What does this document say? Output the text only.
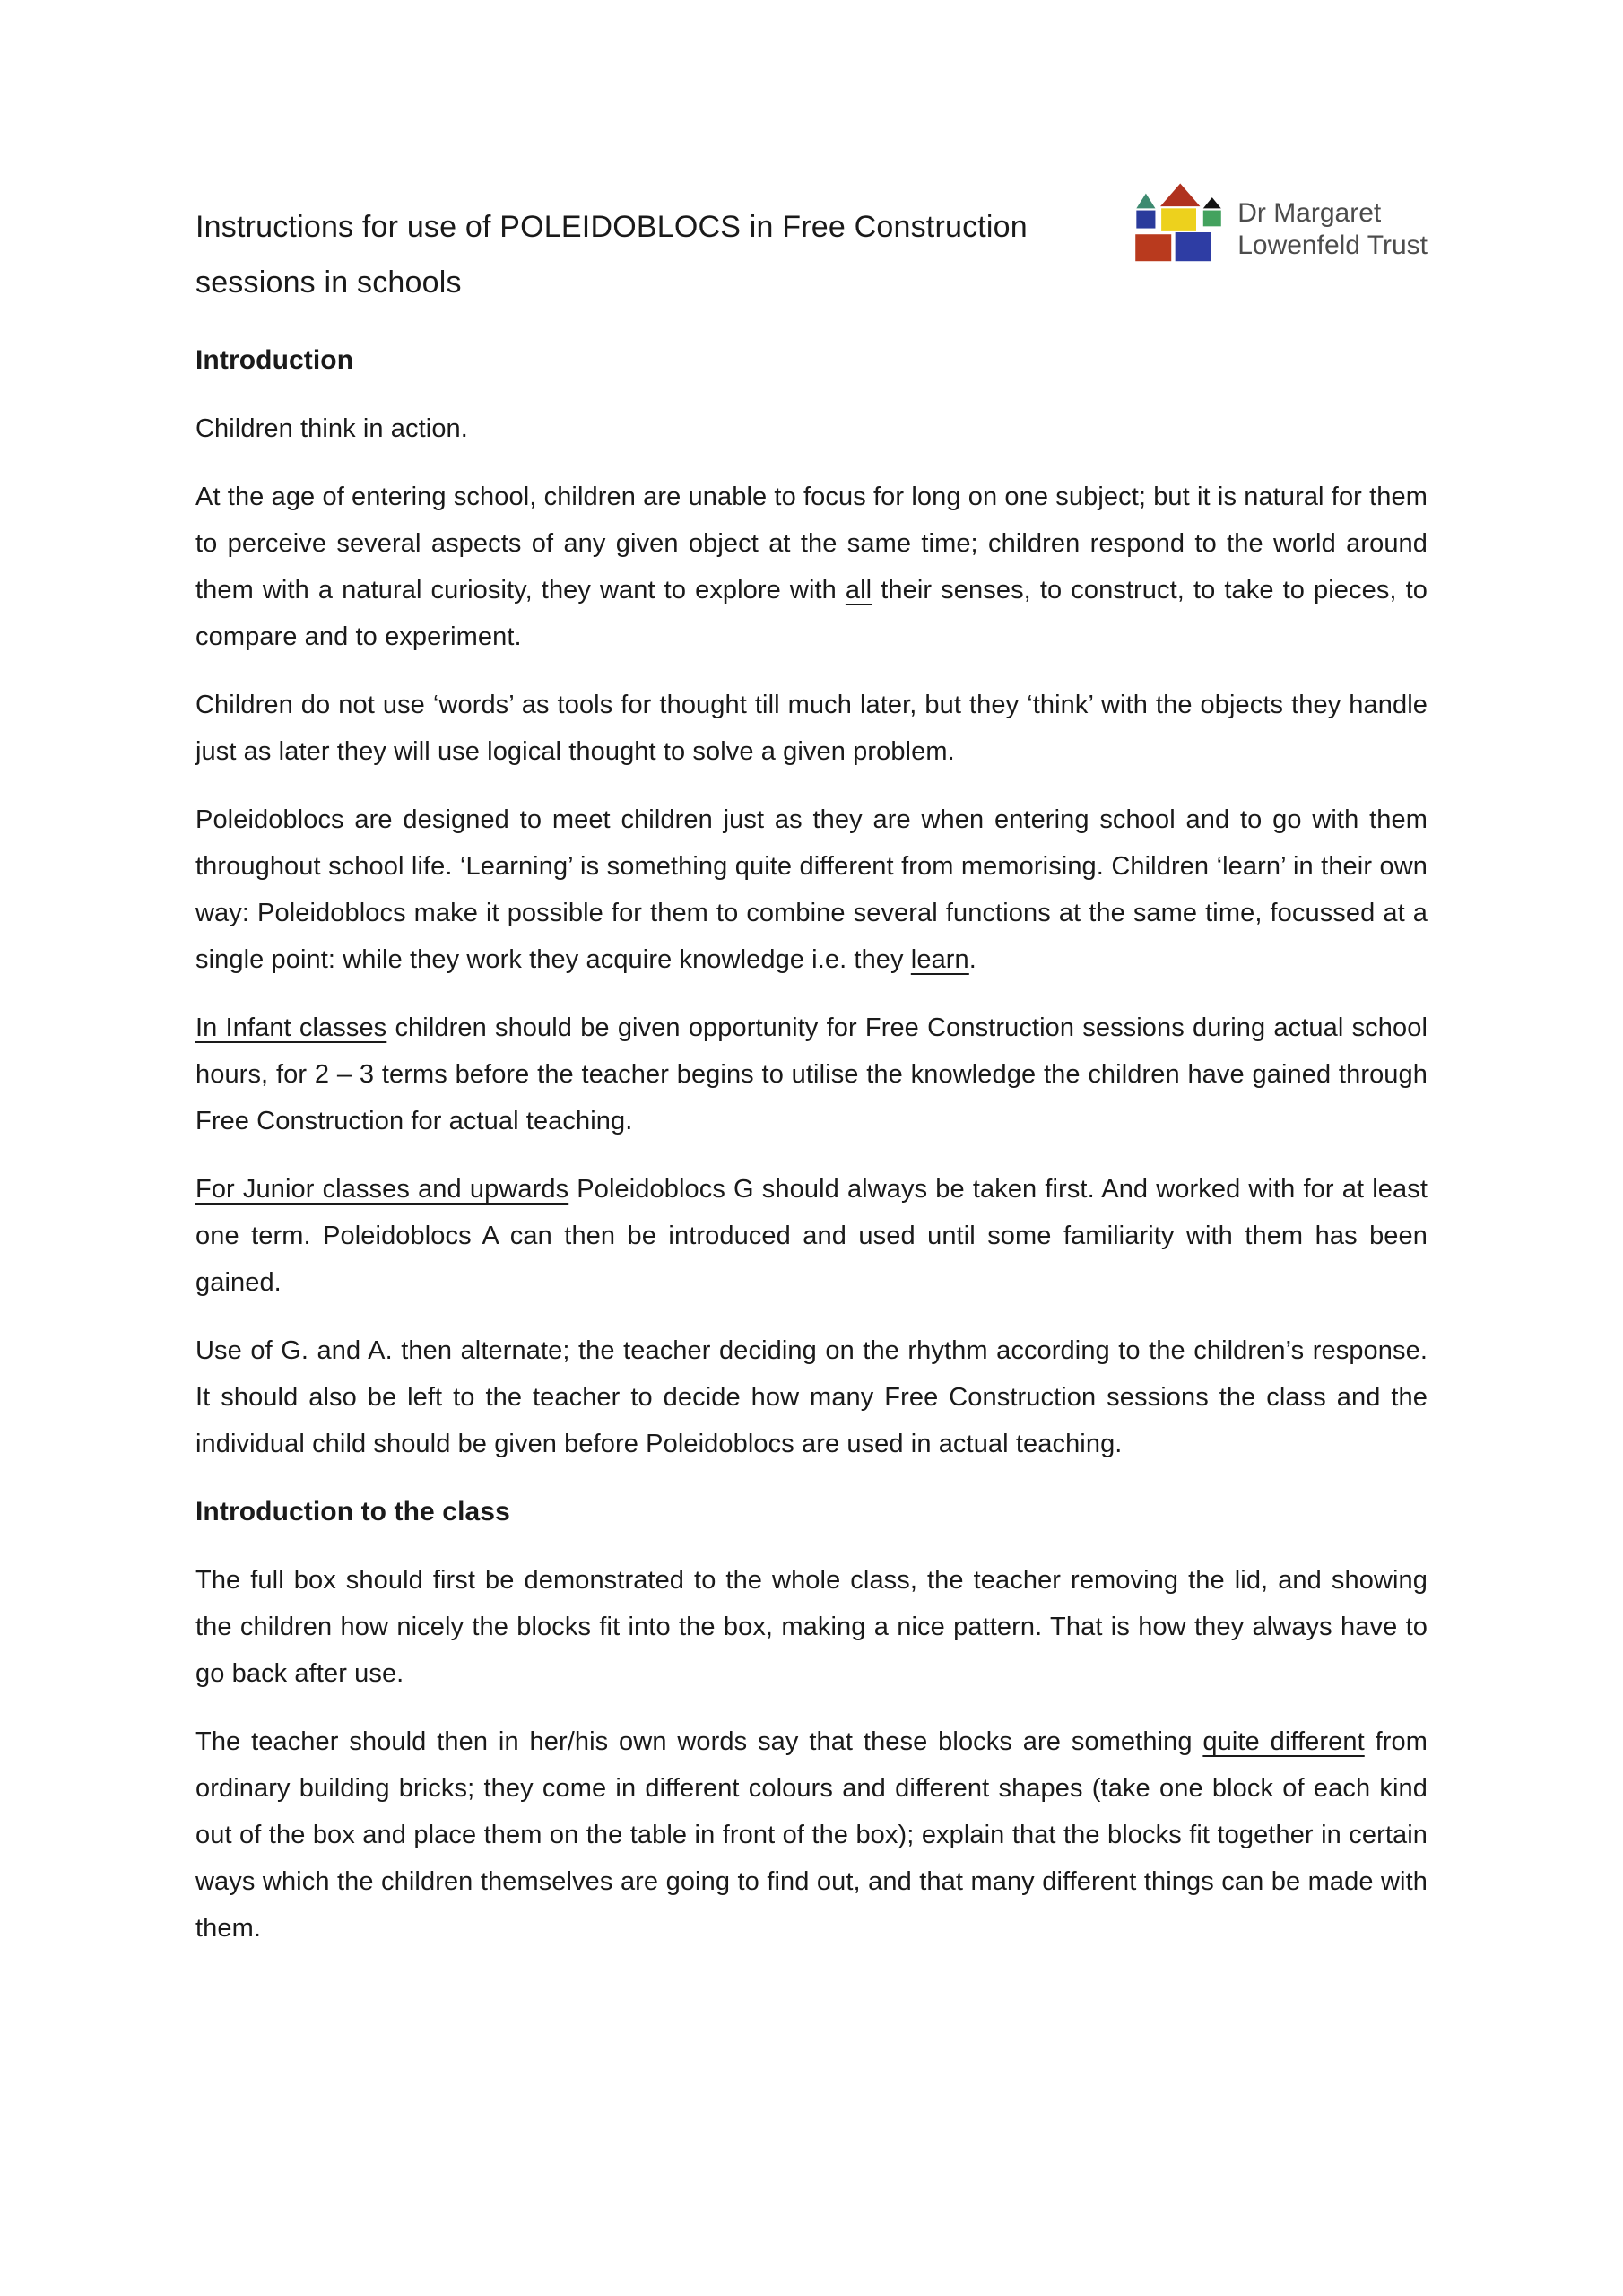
Instructions for use of POLEIDOBLOCS in Free Construction sessions in schools
Dr Margaret
Lowenfeld Trust
Introduction

Children think in action.

At the age of entering school, children are unable to focus for long on one subject; but it is natural for them to perceive several aspects of any given object at the same time; children respond to the world around them with a natural curiosity, they want to explore with all their senses, to construct, to take to pieces, to compare and to experiment.

Children do not use ‘words’ as tools for thought till much later, but they ‘think’ with the objects they handle just as later they will use logical thought to solve a given problem.

Poleidoblocs are designed to meet children just as they are when entering school and to go with them throughout school life. ‘Learning’ is something quite different from memorising. Children ‘learn’ in their own way: Poleidoblocs make it possible for them to combine several functions at the same time, focussed at a single point: while they work they acquire knowledge i.e. they learn.

In Infant classes children should be given opportunity for Free Construction sessions during actual school hours, for 2 – 3 terms before the teacher begins to utilise the knowledge the children have gained through Free Construction for actual teaching.

For Junior classes and upwards Poleidoblocs G should always be taken first. And worked with for at least one term. Poleidoblocs A can then be introduced and used until some familiarity with them has been gained.

Use of G. and A. then alternate; the teacher deciding on the rhythm according to the children’s response. It should also be left to the teacher to decide how many Free Construction sessions the class and the individual child should be given before Poleidoblocs are used in actual teaching.

Introduction to the class

The full box should first be demonstrated to the whole class, the teacher removing the lid, and showing the children how nicely the blocks fit into the box, making a nice pattern. That is how they always have to go back after use.

The teacher should then in her/his own words say that these blocks are something quite different from ordinary building bricks; they come in different colours and different shapes (take one block of each kind out of the box and place them on the table in front of the box); explain that the blocks fit together in certain ways which the children themselves are going to find out, and that many different things can be made with them.
